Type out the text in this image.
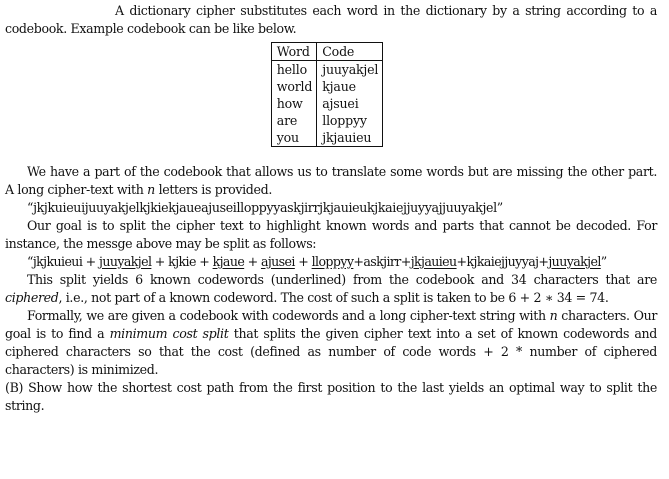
A dictionary cipher substitutes each word in the dictionary by a string according to a codebook. Example codebook can be like below.

Word	Code
hello	juuyakjel
world	kjaue
how	ajsuei
are	lloppyy
you	jkjauieu

We have a part of the codebook that allows us to translate some words but are missing the other part. A long cipher-text with n letters is provided.

“jkjkuieuijuuyakjelkjkiekjaueajuseilloppyyaskjirrjkjauieukjkaiejjuyyajjuuyakjel”

Our goal is to split the cipher text to highlight known words and parts that cannot be decoded. For instance, the messge above may be split as follows:

“jkjkuieui + juuyakjel + kjkie + kjaue + ajusei + lloppyy+askjirr+jkjauieu+kjkaiejjuyyaj+juuyakjel”

This split yields 6 known codewords (underlined) from the codebook and 34 characters that are ciphered, i.e., not part of a known codeword. The cost of such a split is taken to be 6 + 2 ∗ 34 = 74.

Formally, we are given a codebook with codewords and a long cipher-text string with n characters. Our goal is to find a minimum cost split that splits the given cipher text into a set of known codewords and ciphered characters so that the cost (defined as number of code words + 2 * number of ciphered characters) is minimized.

(B) Show how the shortest cost path from the first position to the last yields an optimal way to split the string.
